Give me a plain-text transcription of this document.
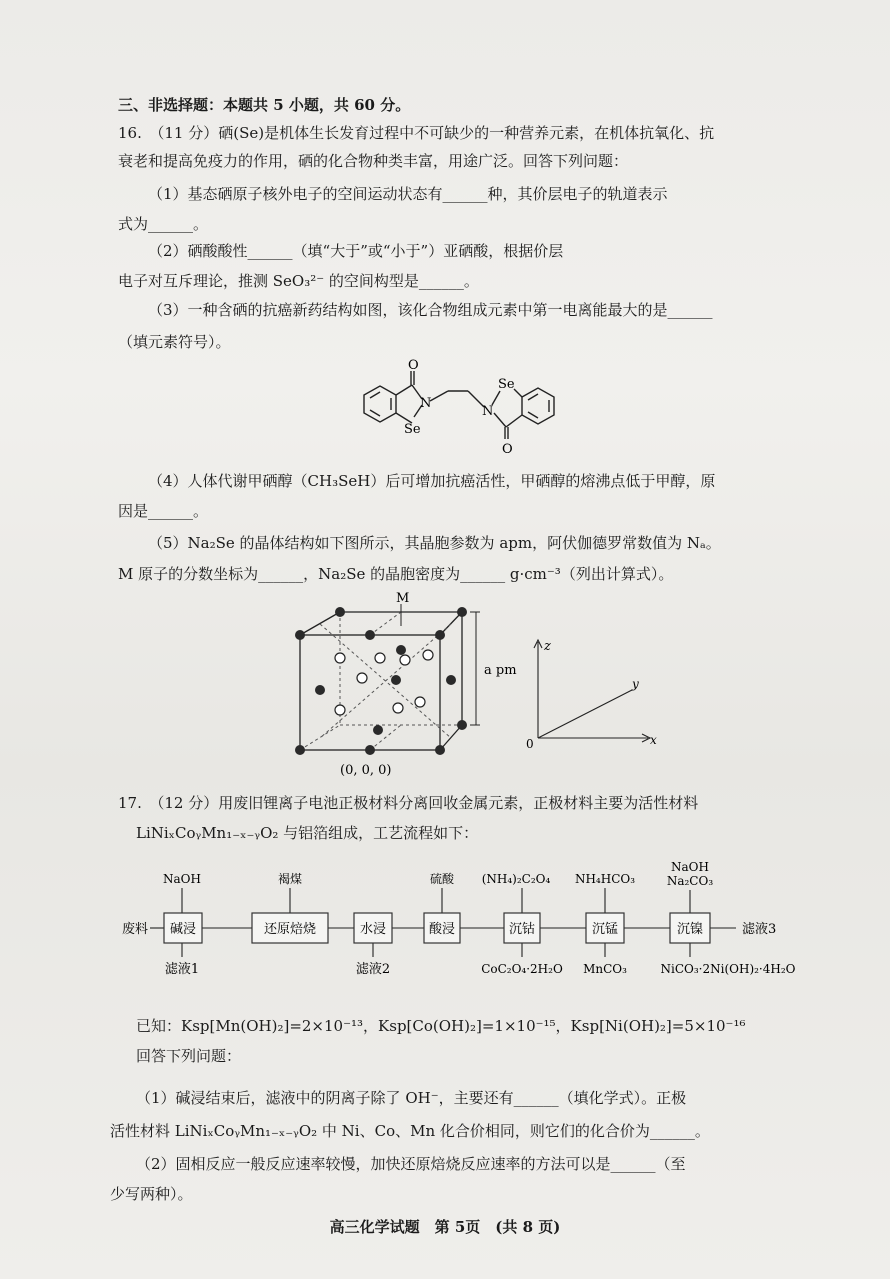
三、非选择题：本题共 5 小题，共 60 分。
16.　（11 分）硒(Se)是机体生长发育过程中不可缺少的一种营养元素，在机体抗氧化、抗
衰老和提高免疫力的作用，硒的化合物种类丰富，用途广泛。回答下列问题：
（1）基态硒原子核外电子的空间运动状态有______种，其价层电子的轨道表示
式为______。
（2）硒酸酸性______（填“大于”或“小于”）亚硒酸，根据价层
电子对互斥理论，推测 SeO₃²⁻ 的空间构型是______。
（3）一种含硒的抗癌新药结构如图，该化合物组成元素中第一电离能最大的是______
（填元素符号）。
O
N
Se
Se
N
O
（4）人体代谢甲硒醇（CH₃SeH）后可增加抗癌活性，甲硒醇的熔沸点低于甲醇，原
因是______。
（5）Na₂Se 的晶体结构如下图所示，其晶胞参数为 apm，阿伏伽德罗常数值为 Nₐ。
M 原子的分数坐标为______，Na₂Se 的晶胞密度为______ g·cm⁻³（列出计算式）。
M
a pm
(0, 0, 0)
z
y
x
0
17.　（12 分）用废旧锂离子电池正极材料分离回收金属元素，正极材料主要为活性材料
LiNiₓCoᵧMn₁₋ₓ₋ᵧO₂ 与铝箔组成，工艺流程如下：
NaOH	褐煤	硫酸 (NH₄)₂C₂O₄ NH₄HCO₃
NaOH
Na₂CO₃
废料 碱浸	还原焙烧	水浸	酸浸	沉钴	沉锰	沉镍	滤液3
滤液1	滤液2	CoC₂O₄·2H₂O MnCO₃	NiCO₃·2Ni(OH)₂·4H₂O
已知：Ksp[Mn(OH)₂]=2×10⁻¹³，Ksp[Co(OH)₂]=1×10⁻¹⁵，Ksp[Ni(OH)₂]=5×10⁻¹⁶
回答下列问题：
（1）碱浸结束后，滤液中的阴离子除了 OH⁻，主要还有______（填化学式）。正极
活性材料 LiNiₓCoᵧMn₁₋ₓ₋ᵧO₂ 中 Ni、Co、Mn 化合价相同，则它们的化合价为______。
（2）固相反应一般反应速率较慢，加快还原焙烧反应速率的方法可以是______（至
少写两种）。
高三化学试题　第 5页　(共 8 页)
